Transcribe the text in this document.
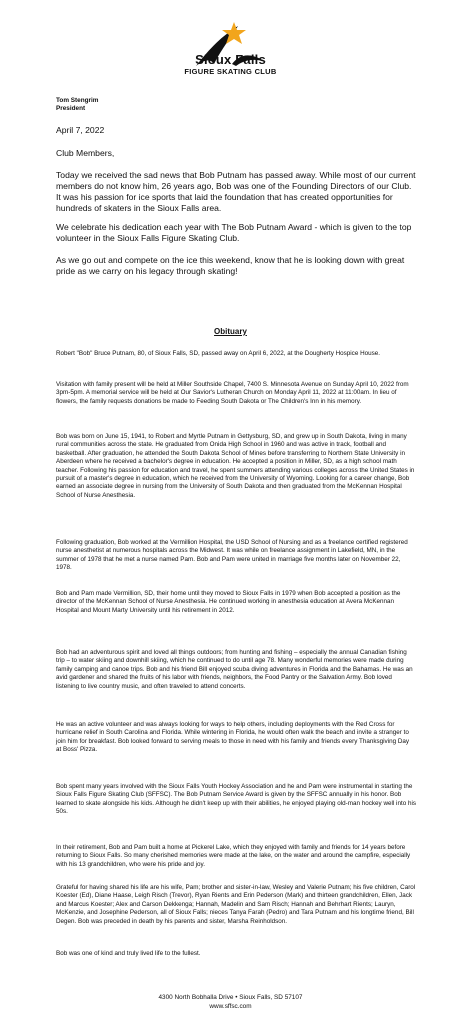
Sioux Falls
FIGURE SKATING CLUB
Tom Stengrim
President
April 7, 2022
Club Members,
Today we received the sad news that Bob Putnam has passed away. While most of our current members do not know him, 26 years ago, Bob was one of the Founding Directors of our Club. It was his passion for ice sports that laid the foundation that has created opportunities for hundreds of skaters in the Sioux Falls area.
We celebrate his dedication each year with The Bob Putnam Award - which is given to the top volunteer in the Sioux Falls Figure Skating Club.
As we go out and compete on the ice this weekend, know that he is looking down with great pride as we carry on his legacy through skating!
Obituary
Robert "Bob" Bruce Putnam, 80, of Sioux Falls, SD, passed away on April 6, 2022, at the Dougherty Hospice House.
Visitation with family present will be held at Miller Southside Chapel, 7400 S. Minnesota Avenue on Sunday April 10, 2022 from 3pm-5pm. A memorial service will be held at Our Savior's Lutheran Church on Monday April 11, 2022 at 11:00am. In lieu of flowers, the family requests donations be made to Feeding South Dakota or The Children's Inn in his memory.
Bob was born on June 15, 1941, to Robert and Myrtle Putnam in Gettysburg, SD, and grew up in South Dakota, living in many rural communities across the state. He graduated from Onida High School in 1960 and was active in track, football and basketball. After graduation, he attended the South Dakota School of Mines before transferring to Northern State University in Aberdeen where he received a bachelor's degree in education. He accepted a position in Miller, SD, as a high school math teacher. Following his passion for education and travel, he spent summers attending various colleges across the United States in pursuit of a master's degree in education, which he received from the University of Wyoming. Looking for a career change, Bob earned an associate degree in nursing from the University of South Dakota and then graduated from the McKennan Hospital School of Nurse Anesthesia.
Following graduation, Bob worked at the Vermillion Hospital, the USD School of Nursing and as a freelance certified registered nurse anesthetist at numerous hospitals across the Midwest. It was while on freelance assignment in Lakefield, MN, in the summer of 1978 that he met a nurse named Pam. Bob and Pam were united in marriage five months later on November 22, 1978.
Bob and Pam made Vermillion, SD, their home until they moved to Sioux Falls in 1979 when Bob accepted a position as the director of the McKennan School of Nurse Anesthesia. He continued working in anesthesia education at Avera McKennan Hospital and Mount Marty University until his retirement in 2012.
Bob had an adventurous spirit and loved all things outdoors; from hunting and fishing – especially the annual Canadian fishing trip – to water skiing and downhill skiing, which he continued to do until age 78. Many wonderful memories were made during family camping and canoe trips. Bob and his friend Bill enjoyed scuba diving adventures in Florida and the Bahamas. He was an avid gardener and shared the fruits of his labor with friends, neighbors, the Food Pantry or the Salvation Army. Bob loved listening to live country music, and often traveled to attend concerts.
He was an active volunteer and was always looking for ways to help others, including deployments with the Red Cross for hurricane relief in South Carolina and Florida. While wintering in Florida, he would often walk the beach and invite a stranger to join him for breakfast. Bob looked forward to serving meals to those in need with his family and friends every Thanksgiving Day at Boss' Pizza.
Bob spent many years involved with the Sioux Falls Youth Hockey Association and he and Pam were instrumental in starting the Sioux Falls Figure Skating Club (SFFSC). The Bob Putnam Service Award is given by the SFFSC annually in his honor. Bob learned to skate alongside his kids. Although he didn't keep up with their abilities, he enjoyed playing old-man hockey well into his 50s.
In their retirement, Bob and Pam built a home at Pickerel Lake, which they enjoyed with family and friends for 14 years before returning to Sioux Falls. So many cherished memories were made at the lake, on the water and around the campfire, especially with his 13 grandchildren, who were his pride and joy.
Grateful for having shared his life are his wife, Pam; brother and sister-in-law, Wesley and Valerie Putnam; his five children, Carol Koester (Ed), Diane Haase, Leigh Risch (Trevor), Ryan Rients and Erin Pederson (Mark) and thirteen grandchildren, Ellen, Jack and Marcus Koester; Alex and Carson Dekkenga; Hannah, Madelin and Sam Risch; Hannah and Behrhart Rients; Lauryn, McKenzie, and Josephine Pederson, all of Sioux Falls; nieces Tanya Farah (Pedro) and Tara Putnam and his longtime friend, Bill Degen. Bob was preceded in death by his parents and sister, Marsha Reinholdson.
Bob was one of kind and truly lived life to the fullest.
4300 North Bobhalla Drive • Sioux Falls, SD 57107
www.sffsc.com
